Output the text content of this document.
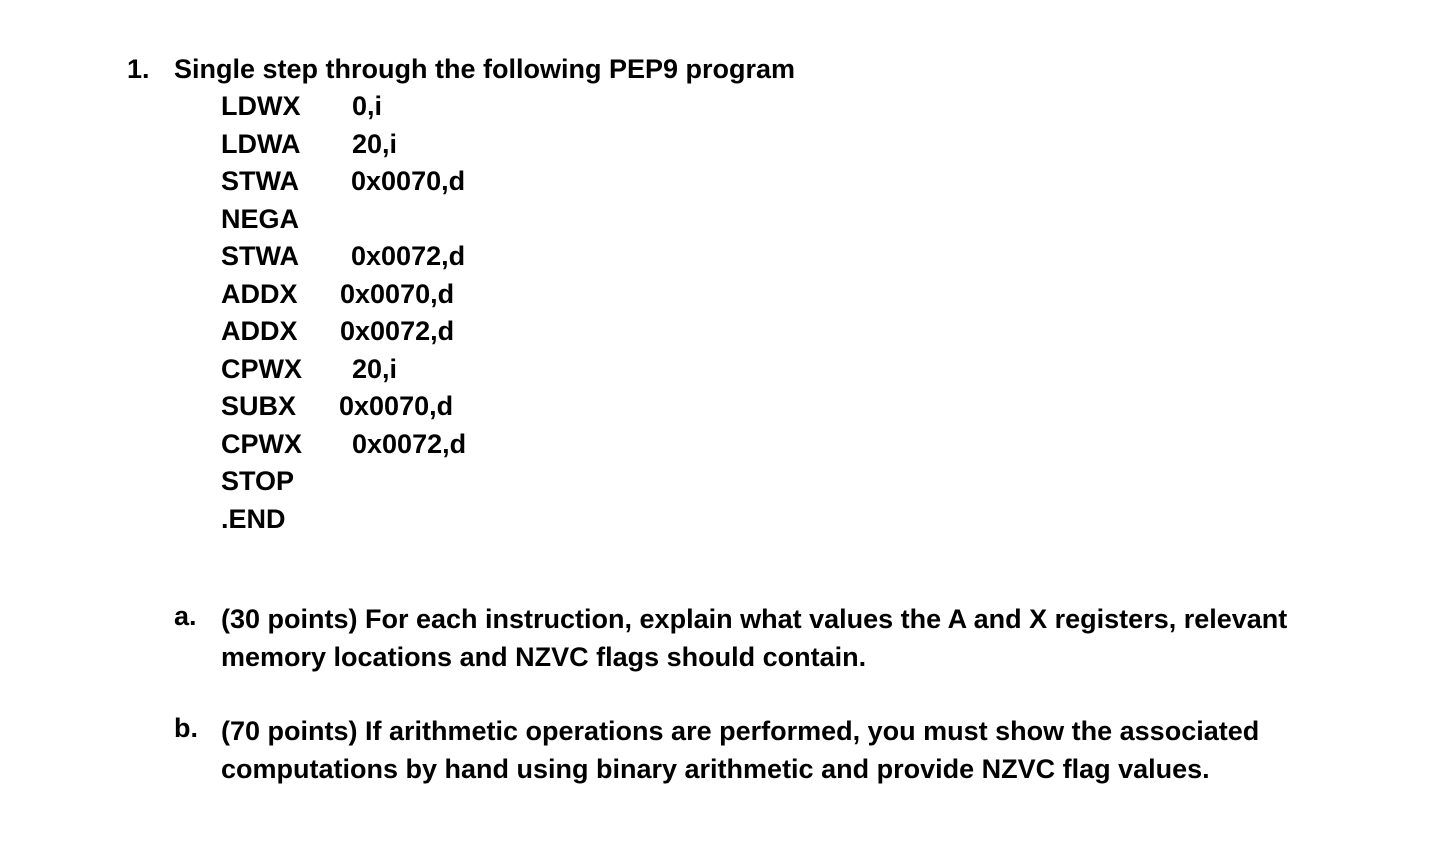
1. Single step through the following PEP9 program
LDWX 0,i
LDWA 20,i
STWA 0x0070,d
NEGA
STWA 0x0072,d
ADDX 0x0070,d
ADDX 0x0072,d
CPWX 20,i
SUBX 0x0070,d
CPWX 0x0072,d
STOP
.END
a. (30 points) For each instruction, explain what values the A and X registers, relevant memory locations and NZVC flags should contain.
b. (70 points) If arithmetic operations are performed, you must show the associated computations by hand using binary arithmetic and provide NZVC flag values.
